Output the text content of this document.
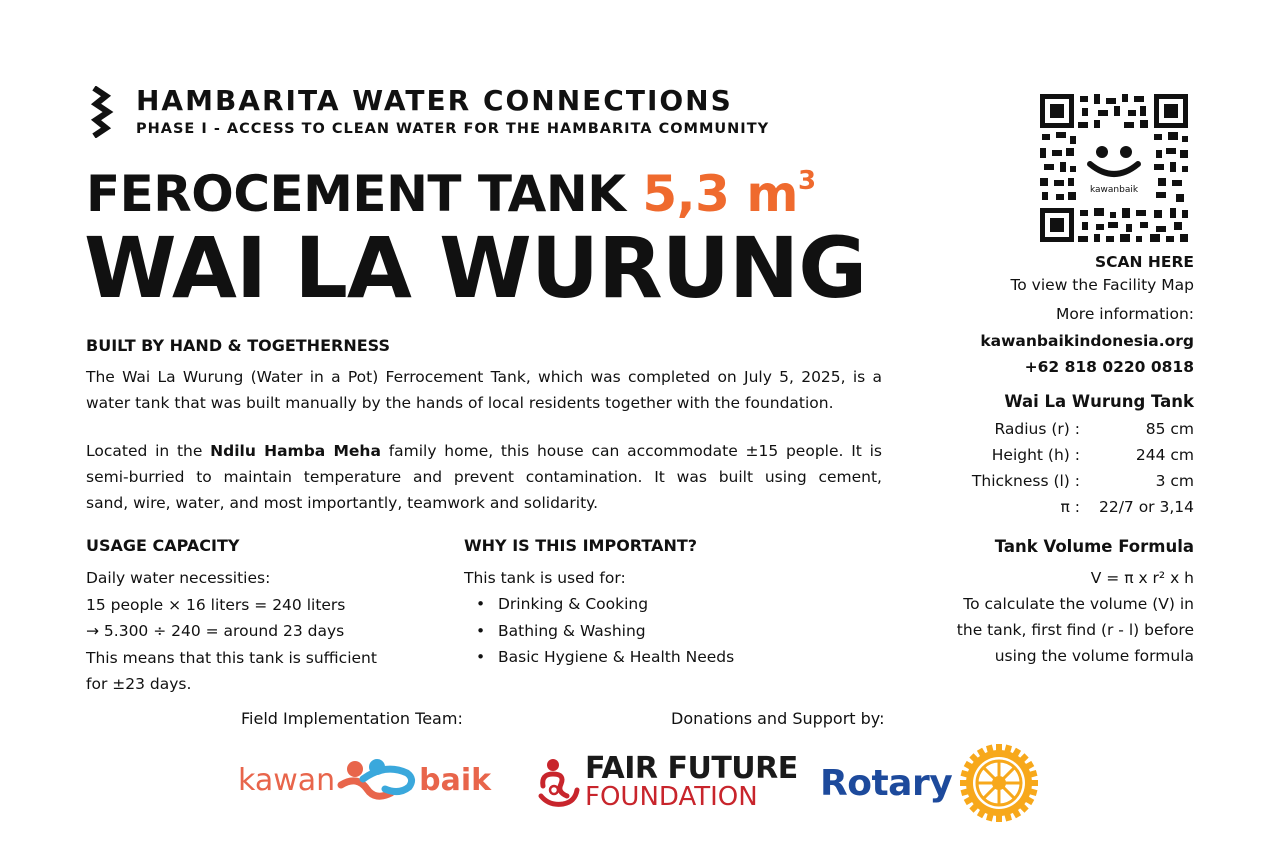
HAMBARITA WATER CONNECTIONS
PHASE I - ACCESS TO CLEAN WATER FOR THE HAMBARITA COMMUNITY
FEROCEMENT TANK 5,3 $m^3$
WAI LA WURUNG
BUILT BY HAND & TOGETHERNESS
The Wai La Wurung (Water in a Pot) Ferrocement Tank, which was completed on July 5, 2025, is a
water tank that was built manually by the hands of local residents together with the foundation.
Located in the Ndilu Hamba Meha family home, this house can accommodate ±15 people. It is
semi-burried to maintain temperature and prevent contamination. It was built using cement,
sand, wire, water, and most importantly, teamwork and solidarity.
USAGE CAPACITY
Daily water necessities:
15 people × 16 liters = 240 liters
→ 5.300 ÷ 240 = around 23 days
This means that this tank is sufficient
for ±23 days.
WHY IS THIS IMPORTANT?
This tank is used for:
• Drinking & Cooking
• Bathing & Washing
• Basic Hygiene & Health Needs
kawanbaik
SCAN HERE
To view the Facility Map
More information:
kawanbaikindonesia.org
+62 818 0220 0818
Wai La Wurung Tank
Radius (r) :	85 cm
Height (h) :	244 cm
Thickness (l) :	3 cm
π :	22/7 or 3,14
Tank Volume Formula
V = π x r² x h
To calculate the volume (V) in the tank, first find (r - l) before using the volume formula
Field Implementation Team:	Donations and Support by:
kawan	baik	FAIR FUTURE
FOUNDATION	Rotary
